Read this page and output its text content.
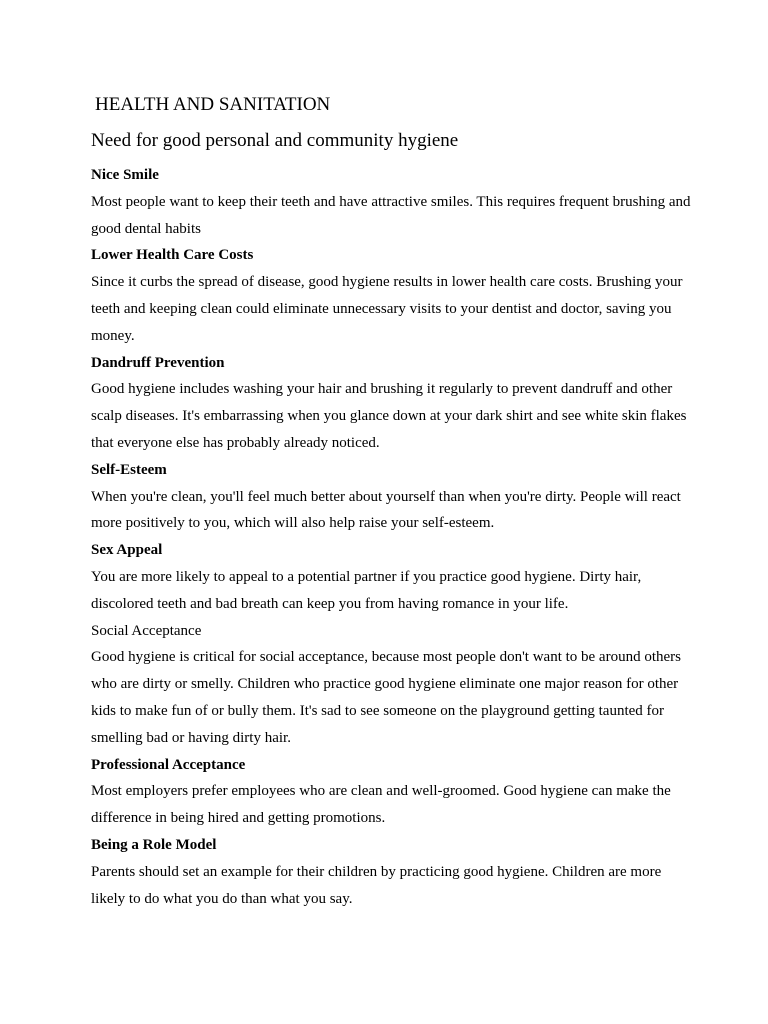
HEALTH AND SANITATION
Need for good personal and community hygiene

Nice Smile

Most people want to keep their teeth and have attractive smiles. This requires frequent brushing and good dental habits

Lower Health Care Costs

Since it curbs the spread of disease, good hygiene results in lower health care costs. Brushing your teeth and keeping clean could eliminate unnecessary visits to your dentist and doctor, saving you money.

Dandruff Prevention

Good hygiene includes washing your hair and brushing it regularly to prevent dandruff and other scalp diseases. It's embarrassing when you glance down at your dark shirt and see white skin flakes that everyone else has probably already noticed.

Self-Esteem

When you're clean, you'll feel much better about yourself than when you're dirty. People will react more positively to you, which will also help raise your self-esteem.

Sex Appeal

You are more likely to appeal to a potential partner if you practice good hygiene. Dirty hair, discolored teeth and bad breath can keep you from having romance in your life.

Social Acceptance

Good hygiene is critical for social acceptance, because most people don't want to be around others who are dirty or smelly. Children who practice good hygiene eliminate one major reason for other kids to make fun of or bully them. It's sad to see someone on the playground getting taunted for smelling bad or having dirty hair.

Professional Acceptance

Most employers prefer employees who are clean and well-groomed. Good hygiene can make the difference in being hired and getting promotions.

Being a Role Model

Parents should set an example for their children by practicing good hygiene. Children are more likely to do what you do than what you say.
